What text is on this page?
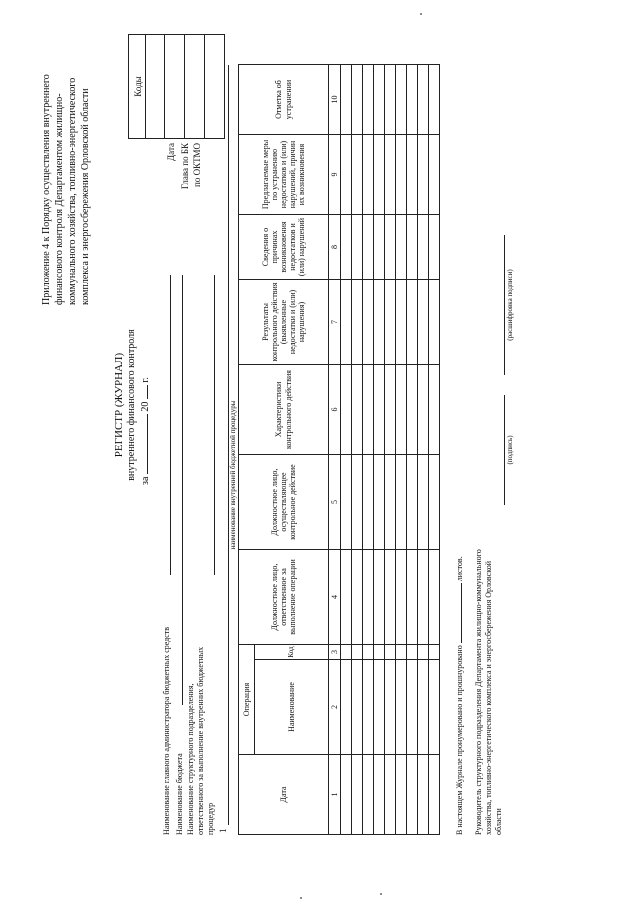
Приложение 4 к Порядку осуществления внутреннего финансового контроля Департаментом жилищно- коммунального хозяйства, топливно-энергетического комплекса и энергосбережения Орловской области
Коды
Дата Глава по БК по ОКТМО
РЕГИСТР (ЖУРНАЛ) внутреннего финансового контроля
за  20  г.
Наименование главного администратора бюджетных средств Наименование бюджета Наименование структурного подразделения, ответственного за выполнение внутренних бюджетных процедур 1
наименование внутренней бюджетной процедуры
Дата	Операция		Должностное лицо, ответственное за выполнение операции	Должностное лицо, осуществляющее контрольное действие	Характеристики контрольного действия	Результаты контрольного действия (выявленные недостатки и (или) нарушения)	Сведения о причинах возникновения недостатков и (или) нарушений	Предлагаемые меры по устранению недостатков и (или) нарушений, причин их возникновения	Отметка об устранении
	Наименование	Код							
1	2	3	4	5	6	7	8	9	10

В настоящем Журнале пронумеровано и прошнуровано  листов. Руководитель структурного подразделения Департамента жилищно-коммунального хозяйства, топливно-энергетического комплекса и энергосбережения Орловской области
(подпись)
(расшифровка подписи)
